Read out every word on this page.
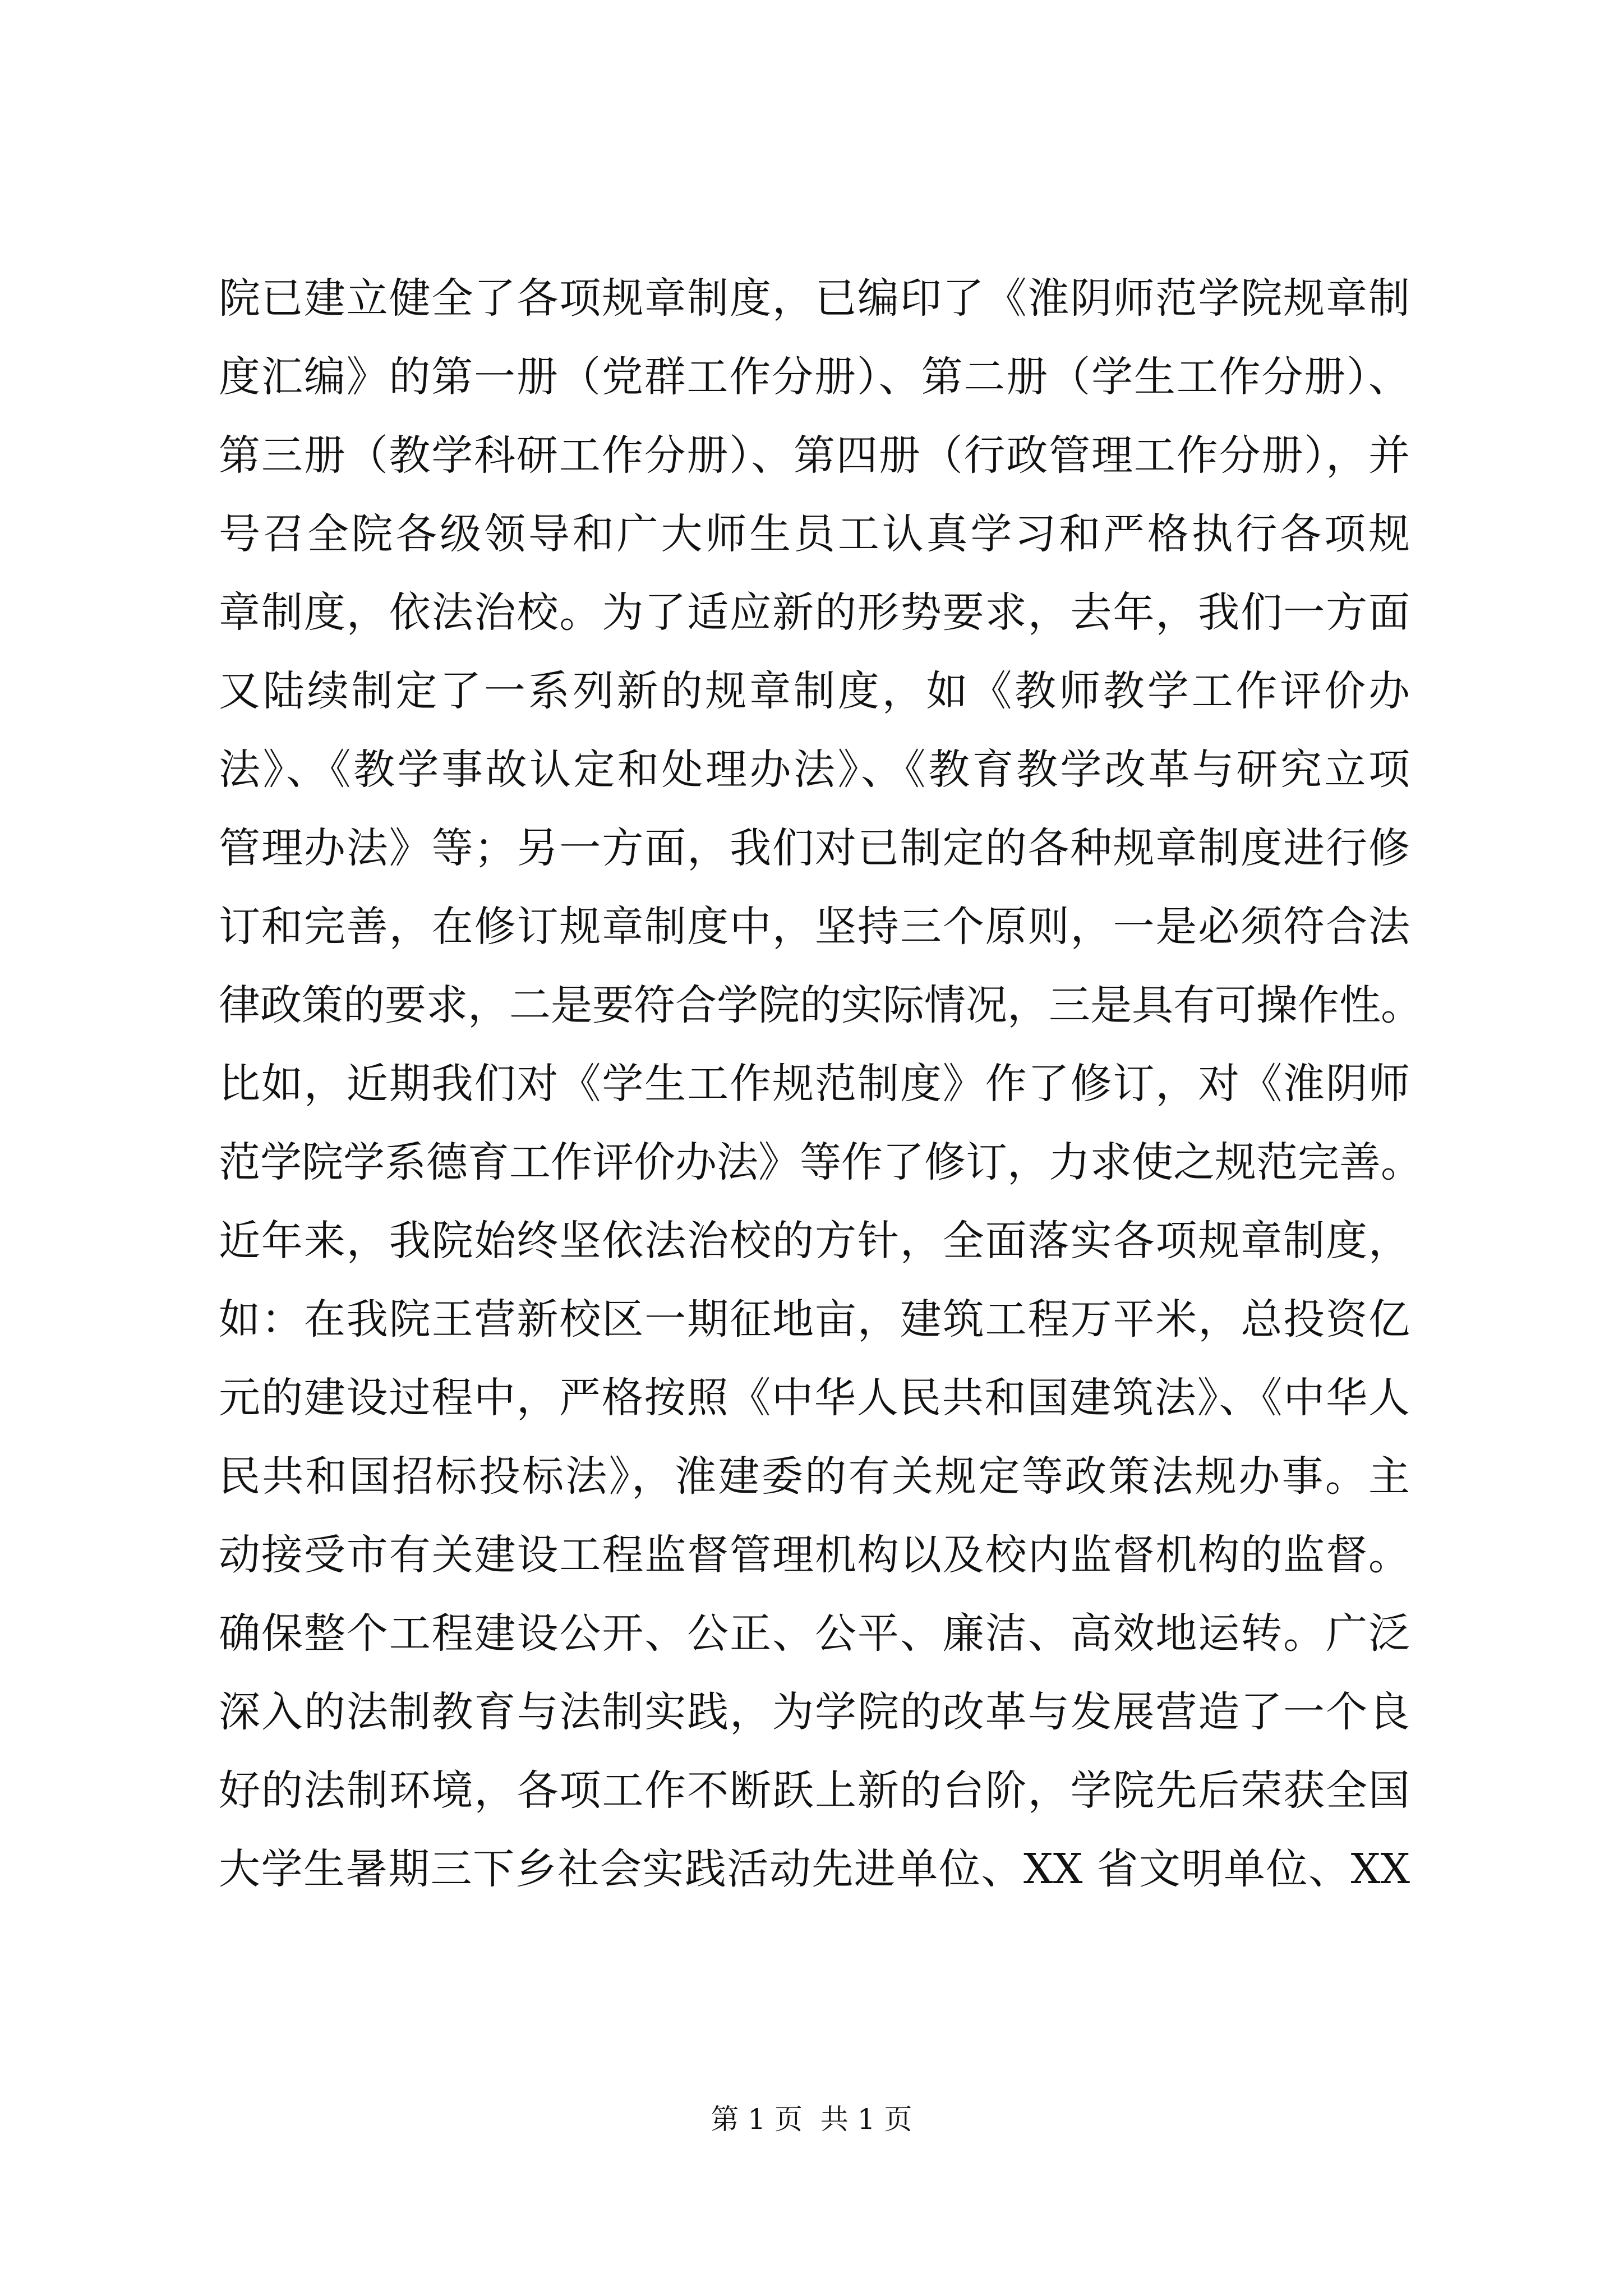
院已建立健全了各项规章制度，已编印了《淮阴师范学院规章制
度汇编》的第一册（党群工作分册）、第二册（学生工作分册）、
第三册（教学科研工作分册）、第四册（行政管理工作分册），并
号召全院各级领导和广大师生员工认真学习和严格执行各项规
章制度，依法治校。为了适应新的形势要求，去年，我们一方面
又陆续制定了一系列新的规章制度，如《教师教学工作评价办
法》、《教学事故认定和处理办法》、《教育教学改革与研究立项
管理办法》等；另一方面，我们对已制定的各种规章制度进行修
订和完善，在修订规章制度中，坚持三个原则，一是必须符合法
律政策的要求，二是要符合学院的实际情况，三是具有可操作性。
比如，近期我们对《学生工作规范制度》作了修订，对《淮阴师
范学院学系德育工作评价办法》等作了修订，力求使之规范完善。
近年来，我院始终坚依法治校的方针，全面落实各项规章制度，
如：在我院王营新校区一期征地亩，建筑工程万平米，总投资亿
元的建设过程中，严格按照《中华人民共和国建筑法》、《中华人
民共和国招标投标法》，淮建委的有关规定等政策法规办事。主
动接受市有关建设工程监督管理机构以及校内监督机构的监督。
确保整个工程建设公开、公正、公平、廉洁、高效地运转。广泛
深入的法制教育与法制实践，为学院的改革与发展营造了一个良
好的法制环境，各项工作不断跃上新的台阶，学院先后荣获全国
大学生暑期三下乡社会实践活动先进单位、XX 省文明单位、XX
第 1 页  共 1 页
